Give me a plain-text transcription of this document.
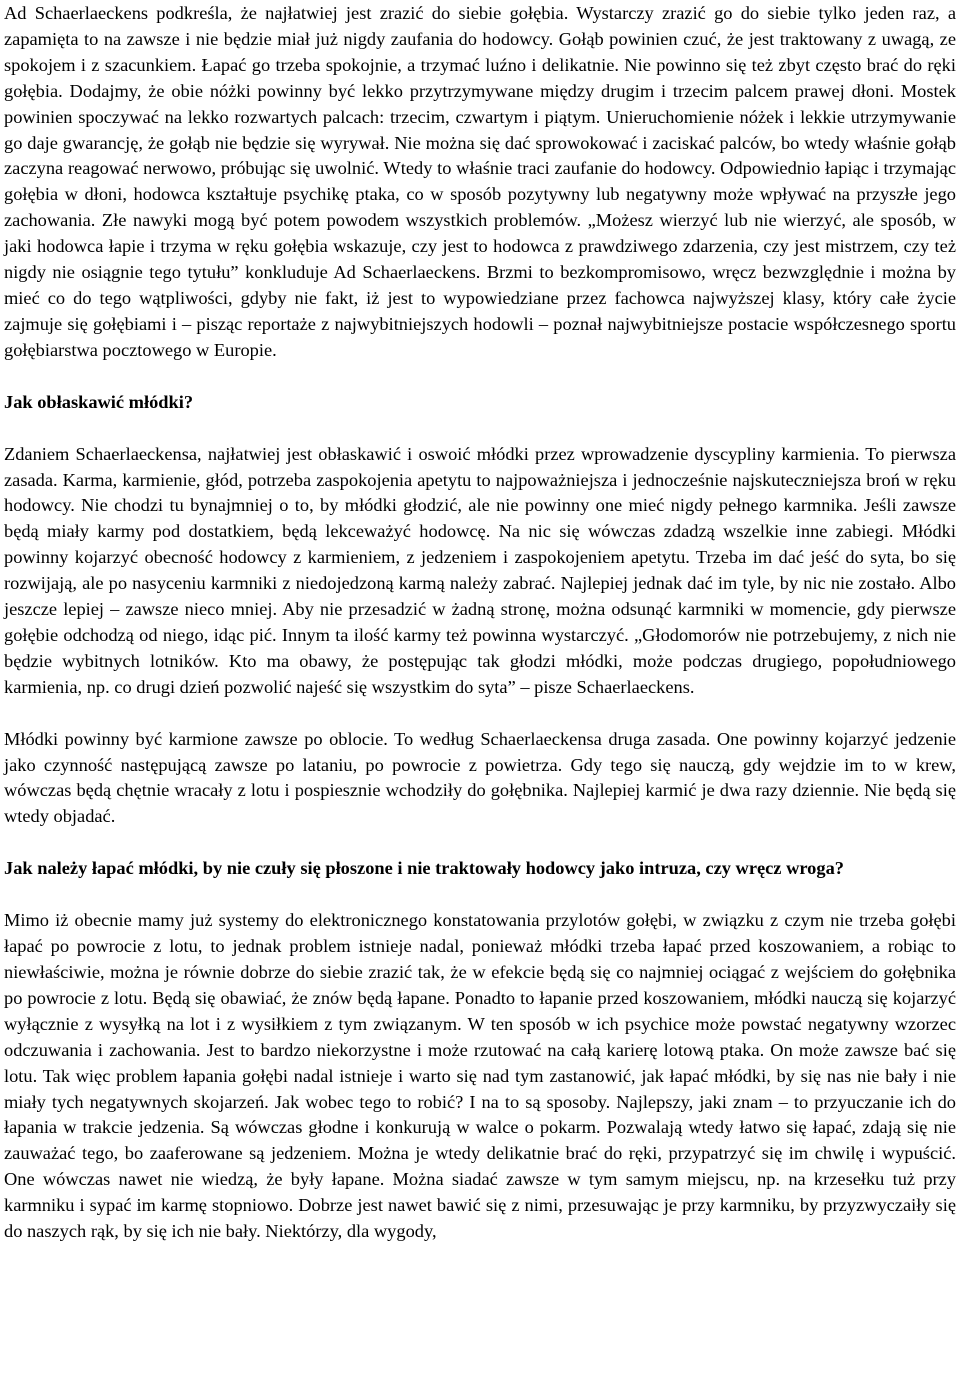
Ad Schaerlaeckens podkreśla, że najłatwiej jest zrazić do siebie gołębia. Wystarczy zrazić go do siebie tylko jeden raz, a zapamięta to na zawsze i nie będzie miał już nigdy zaufania do hodowcy. Gołąb powinien czuć, że jest traktowany z uwagą, ze spokojem i z szacunkiem. Łapać go trzeba spokojnie, a trzymać luźno i delikatnie. Nie powinno się też zbyt często brać do ręki gołębia. Dodajmy, że obie nóżki powinny być lekko przytrzymywane między drugim i trzecim palcem prawej dłoni. Mostek powinien spoczywać na lekko rozwartych palcach: trzecim, czwartym i piątym. Unieruchomienie nóżek i lekkie utrzymywanie go daje gwarancję, że gołąb nie będzie się wyrywał. Nie można się dać sprowokować i zaciskać palców, bo wtedy właśnie gołąb zaczyna reagować nerwowo, próbując się uwolnić. Wtedy to właśnie traci zaufanie do hodowcy. Odpowiednio łapiąc i trzymając gołębia w dłoni, hodowca kształtuje psychikę ptaka, co w sposób pozytywny lub negatywny może wpływać na przyszłe jego zachowania. Złe nawyki mogą być potem powodem wszystkich problemów. „Możesz wierzyć lub nie wierzyć, ale sposób, w jaki hodowca łapie i trzyma w ręku gołębia wskazuje, czy jest to hodowca z prawdziwego zdarzenia, czy jest mistrzem, czy też nigdy nie osiągnie tego tytułu” konkluduje Ad Schaerlaeckens. Brzmi to bezkompromisowo, wręcz bezwzględnie i można by mieć co do tego wątpliwości, gdyby nie fakt, iż jest to wypowiedziane przez fachowca najwyższej klasy, który całe życie zajmuje się gołębiami i ‒ pisząc reportaże z najwybitniejszych hodowli ‒ poznał najwybitniejsze postacie współczesnego sportu gołębiarstwa pocztowego w Europie.

Jak obłaskawić młódki?

Zdaniem Schaerlaeckensa, najłatwiej jest obłaskawić i oswoić młódki przez wprowadzenie dyscypliny karmienia. To pierwsza zasada. Karma, karmienie, głód, potrzeba zaspokojenia apetytu to najpoważniejsza i jednocześnie najskuteczniejsza broń w ręku hodowcy. Nie chodzi tu bynajmniej o to, by młódki głodzić, ale nie powinny one mieć nigdy pełnego karmnika. Jeśli zawsze będą miały karmy pod dostatkiem, będą lekceważyć hodowcę. Na nic się wówczas zdadzą wszelkie inne zabiegi. Młódki powinny kojarzyć obecność hodowcy z karmieniem, z jedzeniem i zaspokojeniem apetytu. Trzeba im dać jeść do syta, bo się rozwijają, ale po nasyceniu karmniki z niedojedzoną karmą należy zabrać. Najlepiej jednak dać im tyle, by nic nie zostało. Albo jeszcze lepiej ‒ zawsze nieco mniej. Aby nie przesadzić w żadną stronę, można odsunąć karmniki w momencie, gdy pierwsze gołębie odchodzą od niego, idąc pić. Innym ta ilość karmy też powinna wystarczyć. „Głodomorów nie potrzebujemy, z nich nie będzie wybitnych lotników. Kto ma obawy, że postępując tak głodzi młódki, może podczas drugiego, popołudniowego karmienia, np. co drugi dzień pozwolić najeść się wszystkim do syta” ‒ pisze Schaerlaeckens.

Młódki powinny być karmione zawsze po oblocie. To według Schaerlaeckensa druga zasada. One powinny kojarzyć jedzenie jako czynność następującą zawsze po lataniu, po powrocie z powietrza. Gdy tego się nauczą, gdy wejdzie im to w krew, wówczas będą chętnie wracały z lotu i pospiesznie wchodziły do gołębnika. Najlepiej karmić je dwa razy dziennie. Nie będą się wtedy objadać.

Jak należy łapać młódki, by nie czuły się płoszone i nie traktowały hodowcy jako intruza, czy wręcz wroga?

Mimo iż obecnie mamy już systemy do elektronicznego konstatowania przylotów gołębi, w związku z czym nie trzeba gołębi łapać po powrocie z lotu, to jednak problem istnieje nadal, ponieważ młódki trzeba łapać przed koszowaniem, a robiąc to niewłaściwie, można je równie dobrze do siebie zrazić tak, że w efekcie będą się co najmniej ociągać z wejściem do gołębnika po powrocie z lotu. Będą się obawiać, że znów będą łapane. Ponadto to łapanie przed koszowaniem, młódki nauczą się kojarzyć wyłącznie z wysyłką na lot i z wysiłkiem z tym związanym. W ten sposób w ich psychice może powstać negatywny wzorzec odczuwania i zachowania. Jest to bardzo niekorzystne i może rzutować na całą karierę lotową ptaka. On może zawsze bać się lotu. Tak więc problem łapania gołębi nadal istnieje i warto się nad tym zastanowić, jak łapać młódki, by się nas nie bały i nie miały tych negatywnych skojarzeń. Jak wobec tego to robić? I na to są sposoby. Najlepszy, jaki znam ‒ to przyuczanie ich do łapania w trakcie jedzenia. Są wówczas głodne i konkurują w walce o pokarm. Pozwalają wtedy łatwo się łapać, zdają się nie zauważać tego, bo zaaferowane są jedzeniem. Można je wtedy delikatnie brać do ręki, przypatrzyć się im chwilę i wypuścić. One wówczas nawet nie wiedzą, że były łapane. Można siadać zawsze w tym samym miejscu, np. na krzesełku tuż przy karmniku i sypać im karmę stopniowo. Dobrze jest nawet bawić się z nimi, przesuwając je przy karmniku, by przyzwyczaiły się do naszych rąk, by się ich nie bały. Niektórzy, dla wygody,
